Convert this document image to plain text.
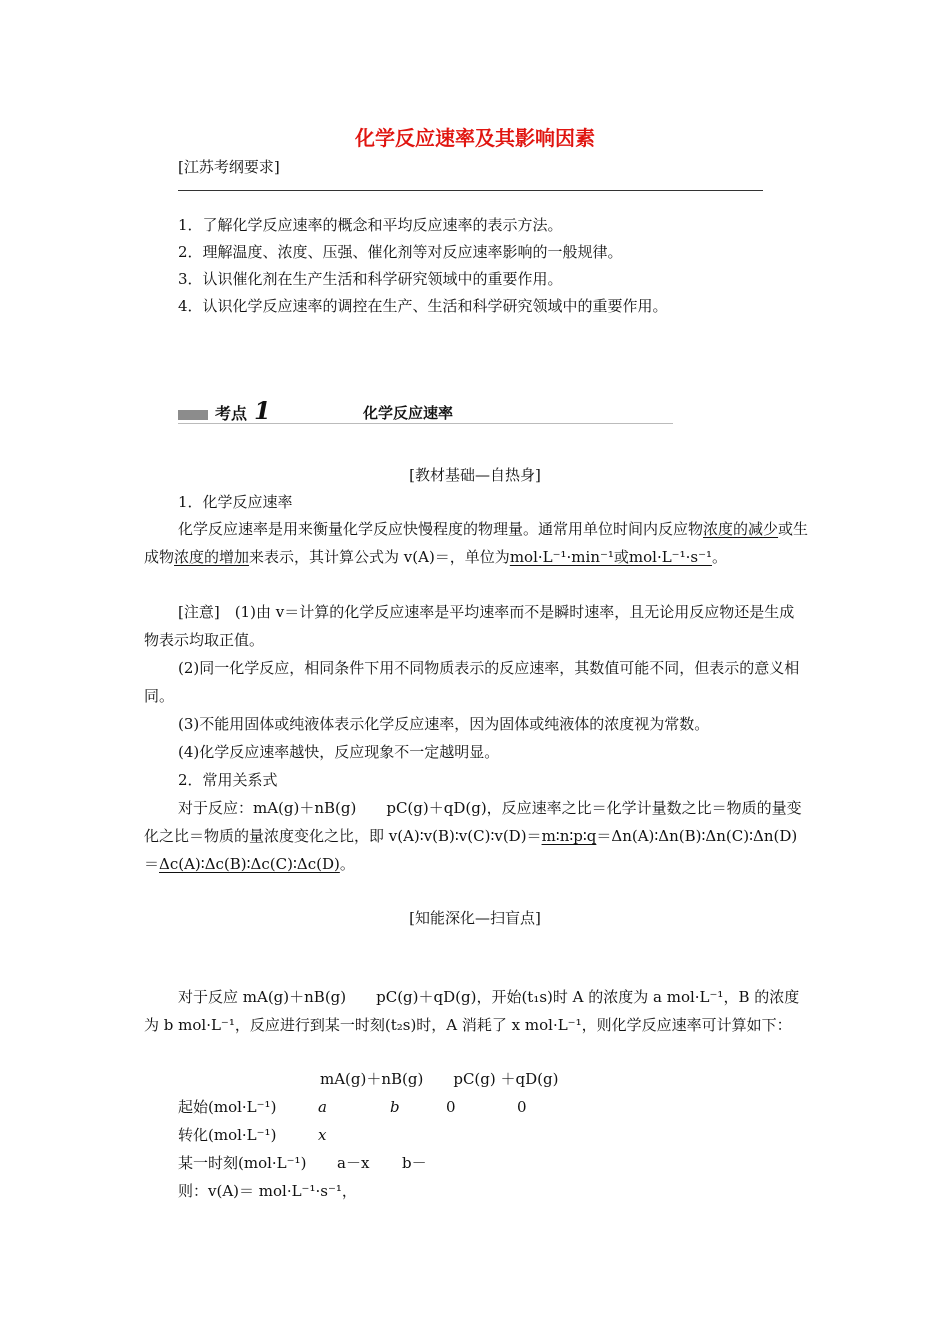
化学反应速率及其影响因素
[江苏考纲要求]
1．了解化学反应速率的概念和平均反应速率的表示方法。
2．理解温度、浓度、压强、催化剂等对反应速率影响的一般规律。
3．认识催化剂在生产生活和科学研究领域中的重要作用。
4．认识化学反应速率的调控在生产、生活和科学研究领域中的重要作用。
考点 1	化学反应速率
[教材基础—自热身]
1．化学反应速率
化学反应速率是用来衡量化学反应快慢程度的物理量。通常用单位时间内反应物浓度的减少或生成物浓度的增加来表示，其计算公式为 v(A)＝，单位为mol·L⁻¹·min⁻¹或mol·L⁻¹·s⁻¹。
[注意]　(1)由 v＝计算的化学反应速率是平均速率而不是瞬时速率，且无论用反应物还是生成物表示均取正值。
(2)同一化学反应，相同条件下用不同物质表示的反应速率，其数值可能不同，但表示的意义相同。
(3)不能用固体或纯液体表示化学反应速率，因为固体或纯液体的浓度视为常数。
(4)化学反应速率越快，反应现象不一定越明显。
2．常用关系式
对于反应：mA(g)＋nB(g)　　pC(g)＋qD(g)，反应速率之比＝化学计量数之比＝物质的量变化之比＝物质的量浓度变化之比，即 v(A)∶v(B)∶v(C)∶v(D)＝m∶n∶p∶q＝Δn(A)∶Δn(B)∶Δn(C)∶Δn(D)＝Δc(A)∶Δc(B)∶Δc(C)∶Δc(D)。
[知能深化—扫盲点]
对于反应 mA(g)＋nB(g)　　pC(g)＋qD(g)，开始(t₁s)时 A 的浓度为 a mol·L⁻¹，B 的浓度为 b mol·L⁻¹，反应进行到某一时刻(t₂s)时，A 消耗了 x mol·L⁻¹，则化学反应速率可计算如下：
mA(g)＋nB(g)　　pC(g) ＋qD(g)
起始(mol·L⁻¹)	a	b	0	0
转化(mol·L⁻¹)	x
某一时刻(mol·L⁻¹) a－x b－
则：v(A)＝ mol·L⁻¹·s⁻¹，
